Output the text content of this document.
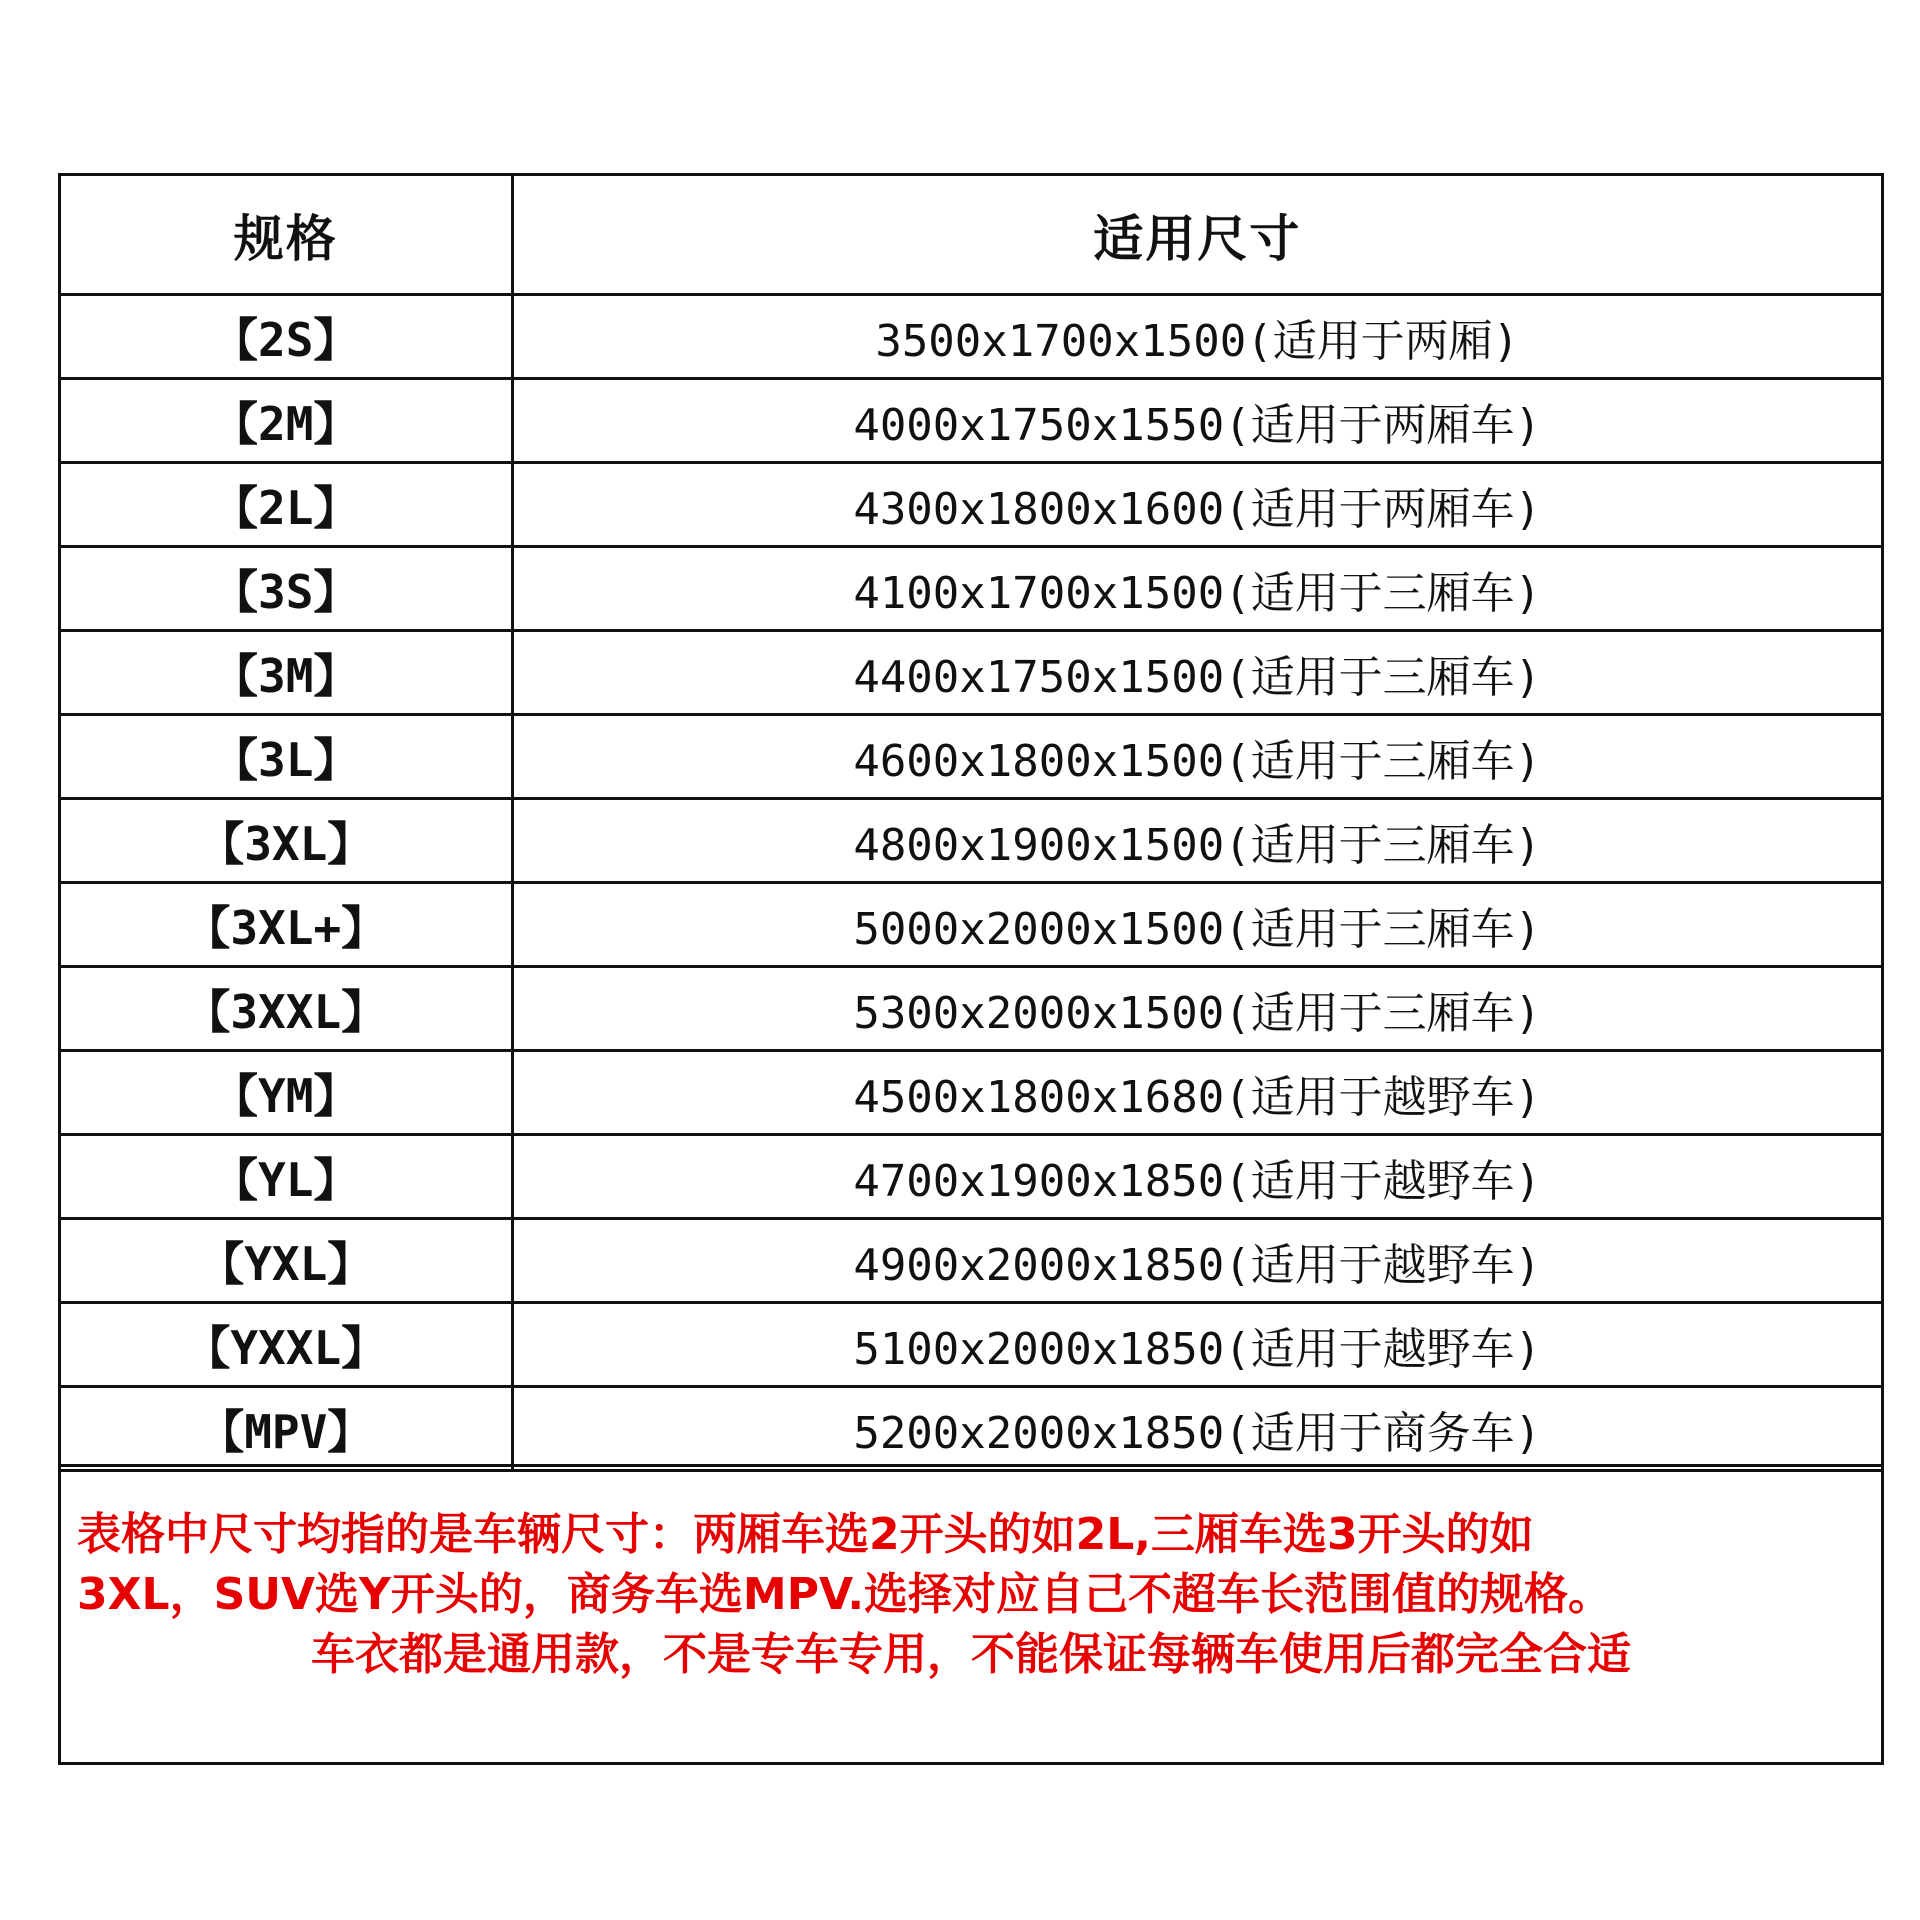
规格	适用尺寸
【2S】	3500x1700x1500(适用于两厢)
【2M】	4000x1750x1550(适用于两厢车)
【2L】	4300x1800x1600(适用于两厢车)
【3S】	4100x1700x1500(适用于三厢车)
【3M】	4400x1750x1500(适用于三厢车)
【3L】	4600x1800x1500(适用于三厢车)
【3XL】	4800x1900x1500(适用于三厢车)
【3XL+】	5000x2000x1500(适用于三厢车)
【3XXL】	5300x2000x1500(适用于三厢车)
【YM】	4500x1800x1680(适用于越野车)
【YL】	4700x1900x1850(适用于越野车)
【YXL】	4900x2000x1850(适用于越野车)
【YXXL】	5100x2000x1850(适用于越野车)
【MPV】	5200x2000x1850(适用于商务车)
表格中尺寸均指的是车辆尺寸：两厢车选2开头的如2L,三厢车选3开头的如
3XL，SUV选Y开头的，商务车选MPV.选择对应自己不超车长范围值的规格。
车衣都是通用款，不是专车专用，不能保证每辆车使用后都完全合适
